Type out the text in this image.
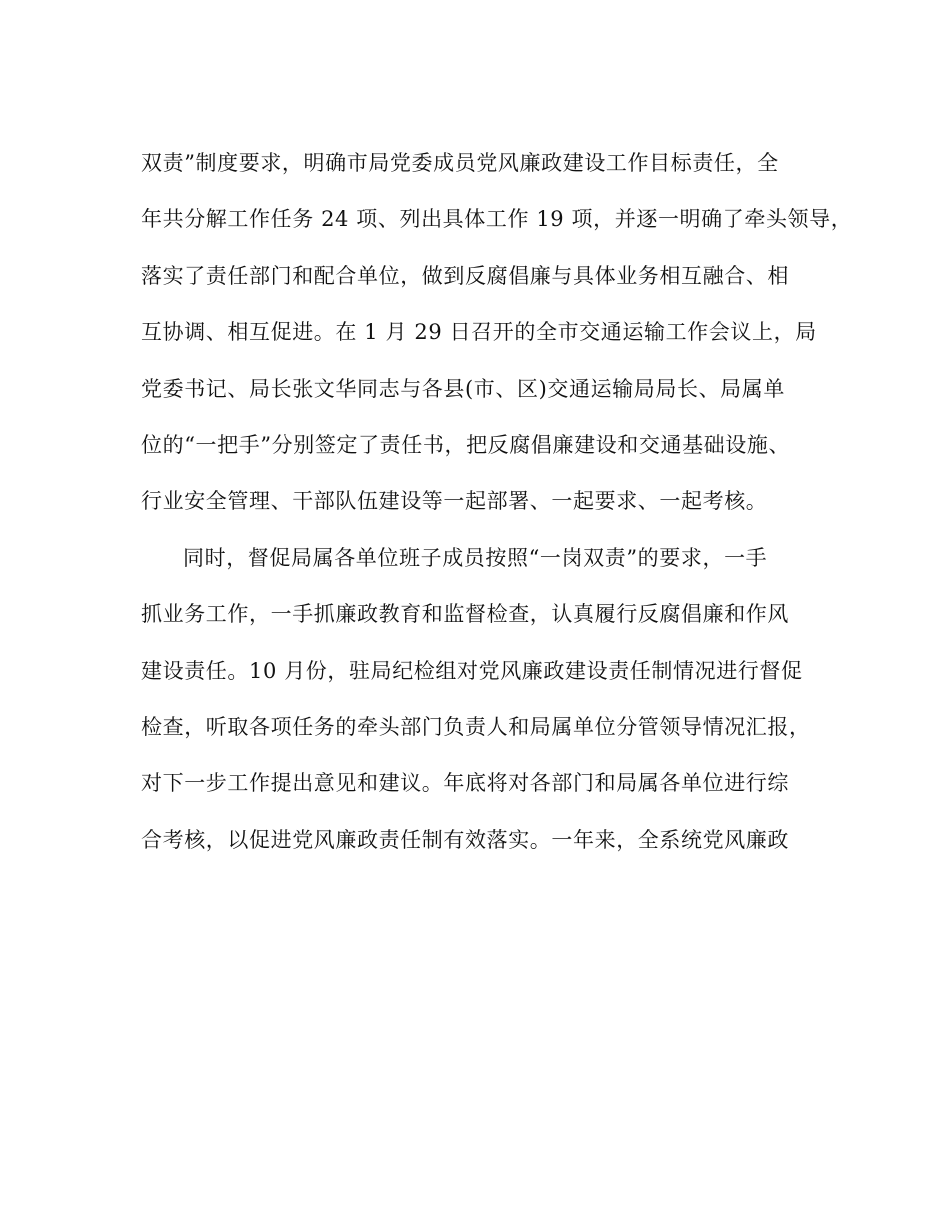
双责”制度要求，明确市局党委成员党风廉政建设工作目标责任，全
年共分解工作任务 24 项、列出具体工作 19 项，并逐一明确了牵头领导，
落实了责任部门和配合单位，做到反腐倡廉与具体业务相互融合、相
互协调、相互促进。在 1 月 29 日召开的全市交通运输工作会议上，局
党委书记、局长张文华同志与各县(市、区)交通运输局局长、局属单
位的“一把手”分别签定了责任书，把反腐倡廉建设和交通基础设施、
行业安全管理、干部队伍建设等一起部署、一起要求、一起考核。
同时，督促局属各单位班子成员按照“一岗双责”的要求，一手
抓业务工作，一手抓廉政教育和监督检查，认真履行反腐倡廉和作风
建设责任。10 月份，驻局纪检组对党风廉政建设责任制情况进行督促
检查，听取各项任务的牵头部门负责人和局属单位分管领导情况汇报，
对下一步工作提出意见和建议。年底将对各部门和局属各单位进行综
合考核，以促进党风廉政责任制有效落实。一年来，全系统党风廉政
